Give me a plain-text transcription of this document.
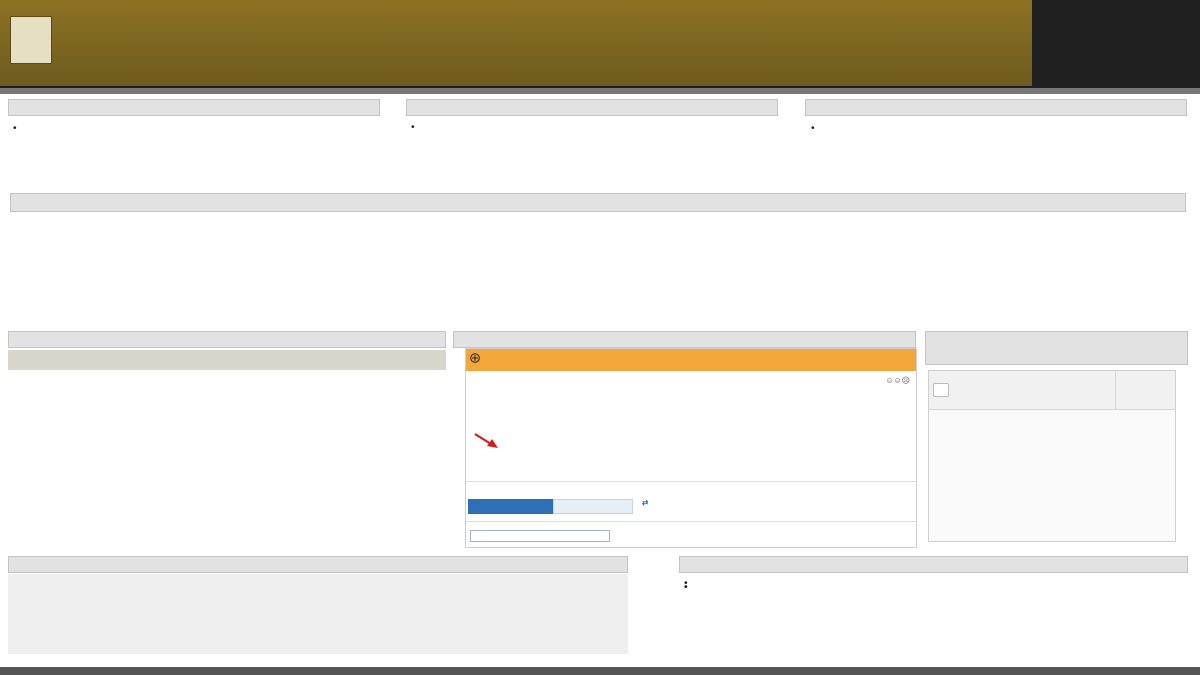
☺☺☹
⇄
